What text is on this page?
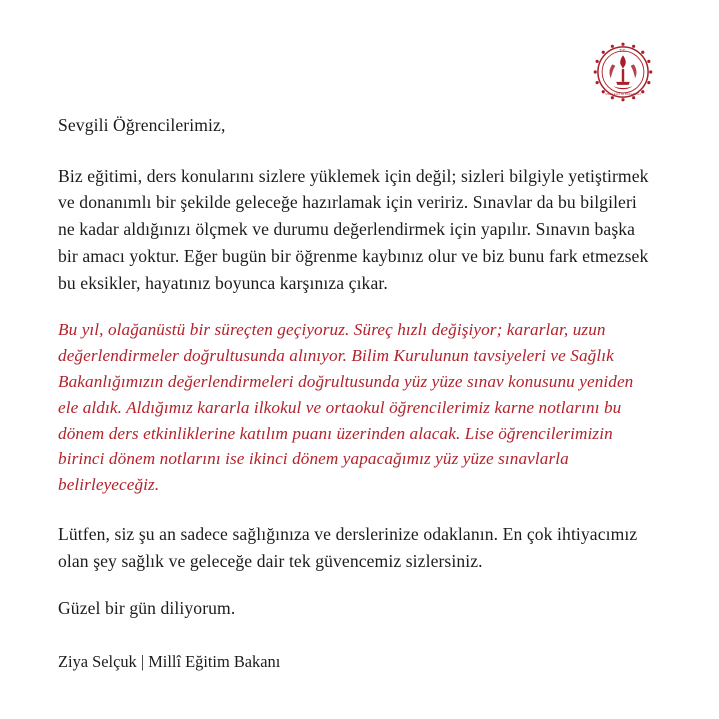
T.C.
MİLLÎ EĞİTİM BAKANLIĞI

Sevgili Öğrencilerimiz,

Biz eğitimi, ders konularını sizlere yüklemek için değil; sizleri bilgiyle yetiştirmek ve donanımlı bir şekilde geleceğe hazırlamak için veririz. Sınavlar da bu bilgileri ne kadar aldığınızı ölçmek ve durumu değerlendirmek için yapılır. Sınavın başka bir amacı yoktur. Eğer bugün bir öğrenme kaybınız olur ve biz bunu fark etmezsek bu eksikler, hayatınız boyunca karşınıza çıkar.

Bu yıl, olağanüstü bir süreçten geçiyoruz. Süreç hızlı değişiyor; kararlar, uzun değerlendirmeler doğrultusunda alınıyor. Bilim Kurulunun tavsiyeleri ve Sağlık Bakanlığımızın değerlendirmeleri doğrultusunda yüz yüze sınav konusunu yeniden ele aldık. Aldığımız kararla ilkokul ve ortaokul öğrencilerimiz karne notlarını bu dönem ders etkinliklerine katılım puanı üzerinden alacak. Lise öğrencilerimizin birinci dönem notlarını ise ikinci dönem yapacağımız yüz yüze sınavlarla belirleyeceğiz.

Lütfen, siz şu an sadece sağlığınıza ve derslerinize odaklanın. En çok ihtiyacımız olan şey sağlık ve geleceğe dair tek güvencemiz sizlersiniz.

Güzel bir gün diliyorum.

Ziya Selçuk | Millî Eğitim Bakanı
